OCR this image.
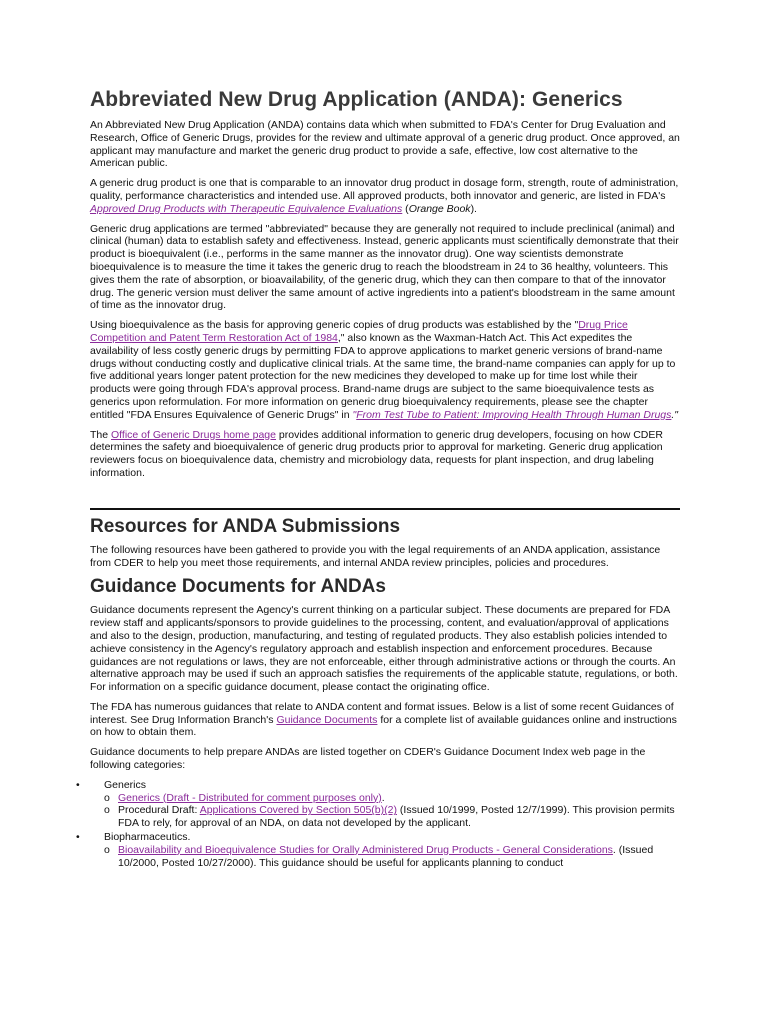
Abbreviated New Drug Application (ANDA): Generics

An Abbreviated New Drug Application (ANDA) contains data which when submitted to FDA's Center for Drug Evaluation and Research, Office of Generic Drugs, provides for the review and ultimate approval of a generic drug product. Once approved, an applicant may manufacture and market the generic drug product to provide a safe, effective, low cost alternative to the American public.

A generic drug product is one that is comparable to an innovator drug product in dosage form, strength, route of administration, quality, performance characteristics and intended use. All approved products, both innovator and generic, are listed in FDA's Approved Drug Products with Therapeutic Equivalence Evaluations (Orange Book).

Generic drug applications are termed "abbreviated" because they are generally not required to include preclinical (animal) and clinical (human) data to establish safety and effectiveness. Instead, generic applicants must scientifically demonstrate that their product is bioequivalent (i.e., performs in the same manner as the innovator drug). One way scientists demonstrate bioequivalence is to measure the time it takes the generic drug to reach the bloodstream in 24 to 36 healthy, volunteers. This gives them the rate of absorption, or bioavailability, of the generic drug, which they can then compare to that of the innovator drug. The generic version must deliver the same amount of active ingredients into a patient's bloodstream in the same amount of time as the innovator drug.

Using bioequivalence as the basis for approving generic copies of drug products was established by the "Drug Price Competition and Patent Term Restoration Act of 1984," also known as the Waxman-Hatch Act. This Act expedites the availability of less costly generic drugs by permitting FDA to approve applications to market generic versions of brand-name drugs without conducting costly and duplicative clinical trials. At the same time, the brand-name companies can apply for up to five additional years longer patent protection for the new medicines they developed to make up for time lost while their products were going through FDA's approval process. Brand-name drugs are subject to the same bioequivalence tests as generics upon reformulation. For more information on generic drug bioequivalency requirements, please see the chapter entitled "FDA Ensures Equivalence of Generic Drugs" in "From Test Tube to Patient: Improving Health Through Human Drugs."

The Office of Generic Drugs home page provides additional information to generic drug developers, focusing on how CDER determines the safety and bioequivalence of generic drug products prior to approval for marketing. Generic drug application reviewers focus on bioequivalence data, chemistry and microbiology data, requests for plant inspection, and drug labeling information.

Resources for ANDA Submissions

The following resources have been gathered to provide you with the legal requirements of an ANDA application, assistance from CDER to help you meet those requirements, and internal ANDA review principles, policies and procedures.

Guidance Documents for ANDAs

Guidance documents represent the Agency's current thinking on a particular subject. These documents are prepared for FDA review staff and applicants/sponsors to provide guidelines to the processing, content, and evaluation/approval of applications and also to the design, production, manufacturing, and testing of regulated products. They also establish policies intended to achieve consistency in the Agency's regulatory approach and establish inspection and enforcement procedures. Because guidances are not regulations or laws, they are not enforceable, either through administrative actions or through the courts. An alternative approach may be used if such an approach satisfies the requirements of the applicable statute, regulations, or both. For information on a specific guidance document, please contact the originating office.

The FDA has numerous guidances that relate to ANDA content and format issues. Below is a list of some recent Guidances of interest. See Drug Information Branch's Guidance Documents for a complete list of available guidances online and instructions on how to obtain them.

Guidance documents to help prepare ANDAs are listed together on CDER's Guidance Document Index web page in the following categories:

• Generics
o Generics (Draft - Distributed for comment purposes only).
o Procedural Draft: Applications Covered by Section 505(b)(2) (Issued 10/1999, Posted 12/7/1999). This provision permits FDA to rely, for approval of an NDA, on data not developed by the applicant.
• Biopharmaceutics.
o Bioavailability and Bioequivalence Studies for Orally Administered Drug Products - General Considerations. (Issued 10/2000, Posted 10/27/2000). This guidance should be useful for applicants planning to conduct
